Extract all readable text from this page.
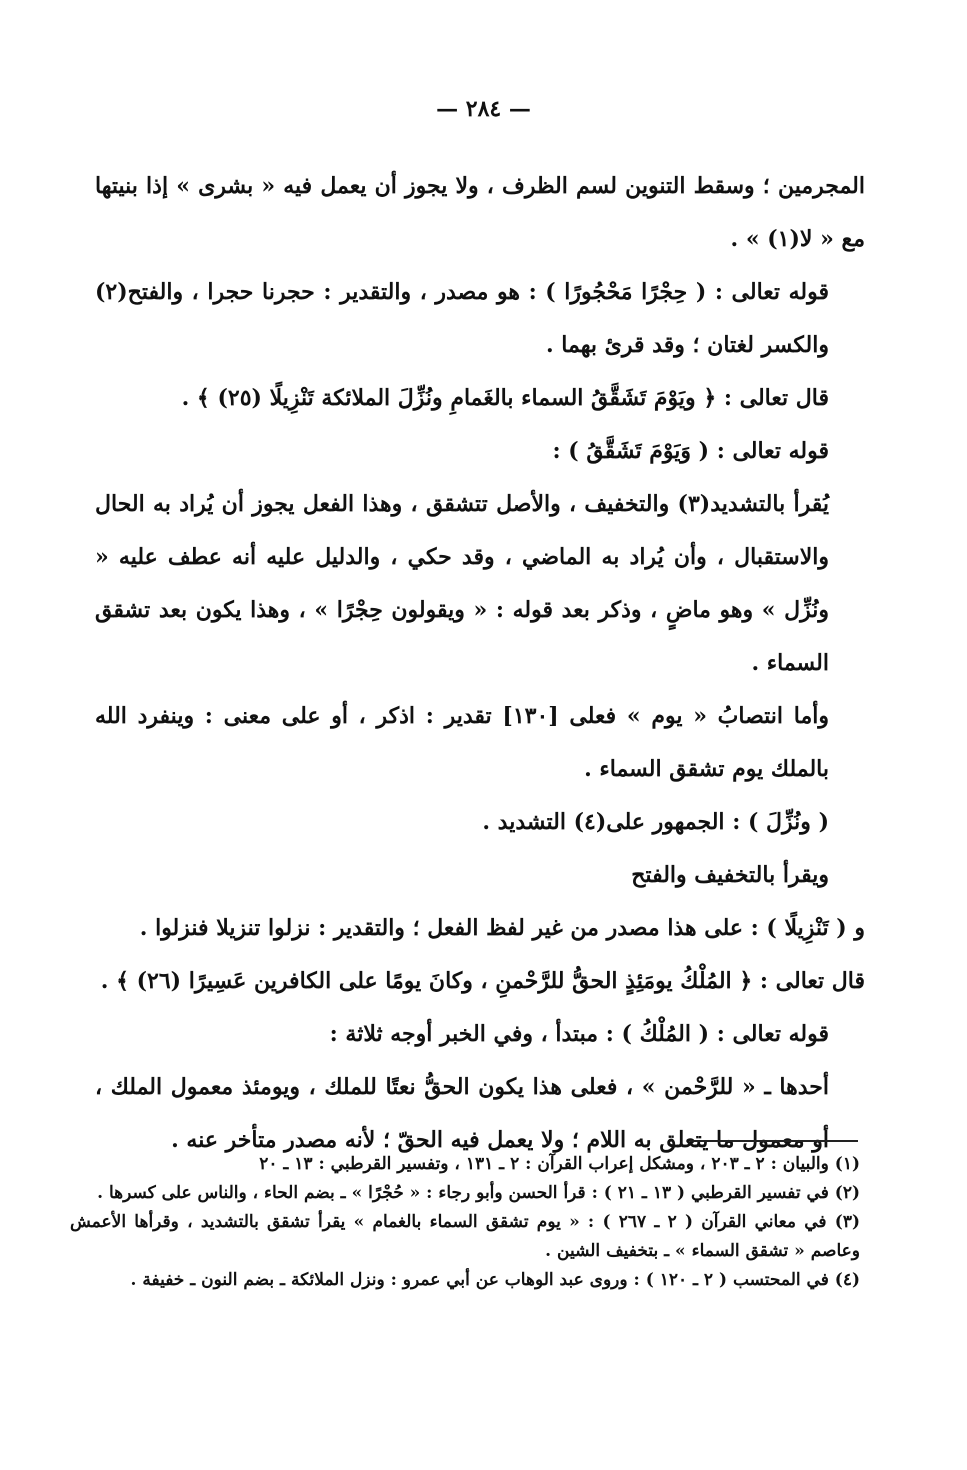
— ٢٨٤ —

المجرمين ؛ وسقط التنوين لسم الظرف ، ولا يجوز أن يعمل فيه « بشرى » إذا بنيتها مع « لا(١) » .

قوله تعالى : ( حِجْرًا مَحْجُورًا ) : هو مصدر ، والتقدير : حجرنا حجرا ، والفتح(٢) والكسر لغتان ؛ وقد قرئ بهما .

قال تعالى : ﴿ ويَوْمَ تَشَقَّقُ السماء بالغَمامِ ونُزِّلَ الملائكة تَنْزِيلًا (٢٥) ﴾ .

قوله تعالى : ( وَيَوْمَ تَشَقَّقُ ) :

يُقرأ بالتشديد(٣) والتخفيف ، والأصل تتشقق ، وهذا الفعل يجوز أن يُراد به الحال والاستقبال ، وأن يُراد به الماضي ، وقد حكي ، والدليل عليه أنه عطف عليه « ونُزِّل » وهو ماضٍ ، وذكر بعد قوله : « ويقولون حِجْرًا » ، وهذا يكون بعد تشقق السماء .

وأما انتصابُ « يوم » فعلى [١٣٠] تقدير : اذكر ، أو على معنى : وينفرد الله بالملك يوم تشقق السماء .

( ونُزِّلَ ) : الجمهور على(٤) التشديد .

ويقرأ بالتخفيف والفتح

و ( تَنْزِيلًا ) : على هذا مصدر من غير لفظ الفعل ؛ والتقدير : نزلوا تنزيلا فنزلوا .

قال تعالى : ﴿ المُلْكُ يومَئِذٍ الحقُّ للرَّحْمنِ ، وكانَ يومًا على الكافرين عَسِيرًا (٢٦) ﴾ .

قوله تعالى : ( المُلْكُ ) : مبتدأ ، وفي الخبر أوجه ثلاثة :

أحدها ـ « للرَّحْمن » ، فعلى هذا يكون الحقُّ نعتًا للملك ، ويومئذ معمول الملك ، أو معمول ما يتعلق به اللام ؛ ولا يعمل فيه الحقّ ؛ لأنه مصدر متأخر عنه .

(١) والبيان : ٢ ـ ٢٠٣ ، ومشكل إعراب القرآن : ٢ ـ ١٣١ ، وتفسير القرطبي : ١٣ ـ ٢٠

(٢) في تفسير القرطبي ( ١٣ ـ ٢١ ) : قرأ الحسن وأبو رجاء : « حُجْرًا » ـ بضم الحاء ، والناس على كسرها .

(٣) في معاني القرآن ( ٢ ـ ٢٦٧ ) : « يوم تشقق السماء بالغمام » يقرأ تشقق بالتشديد ، وقرأها الأعمش وعاصم « تشقق السماء » ـ بتخفيف الشين .

(٤) في المحتسب ( ٢ ـ ١٢٠ ) : وروى عبد الوهاب عن أبي عمرو : ونزل الملائكة ـ بضم النون ـ خفيفة .
